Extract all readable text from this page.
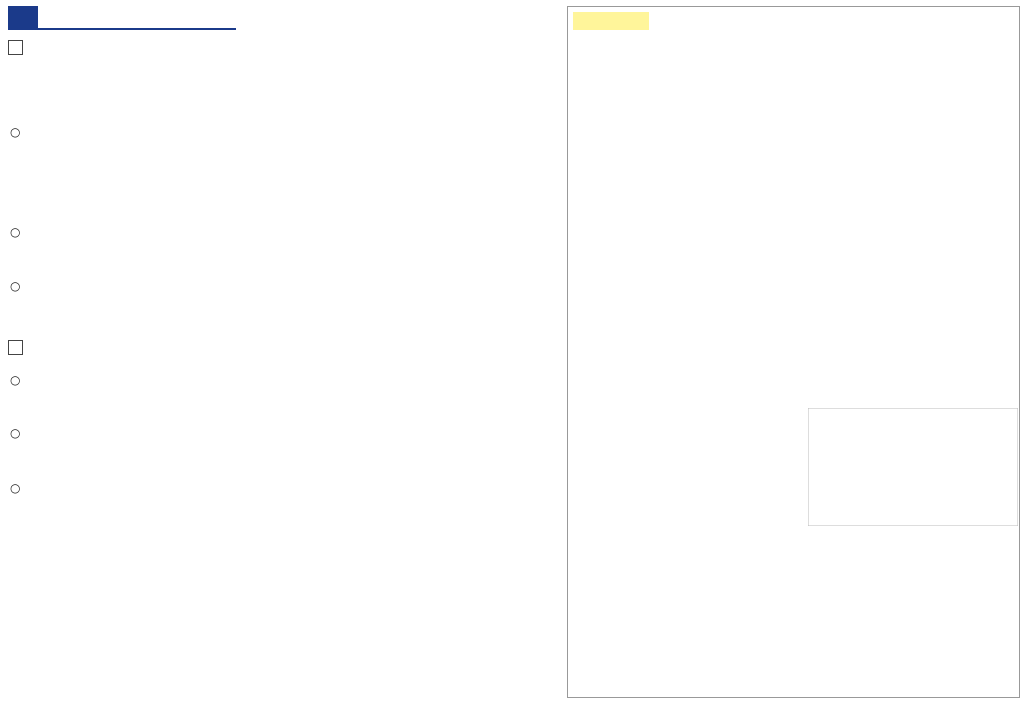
○
○
○
○
○
○
